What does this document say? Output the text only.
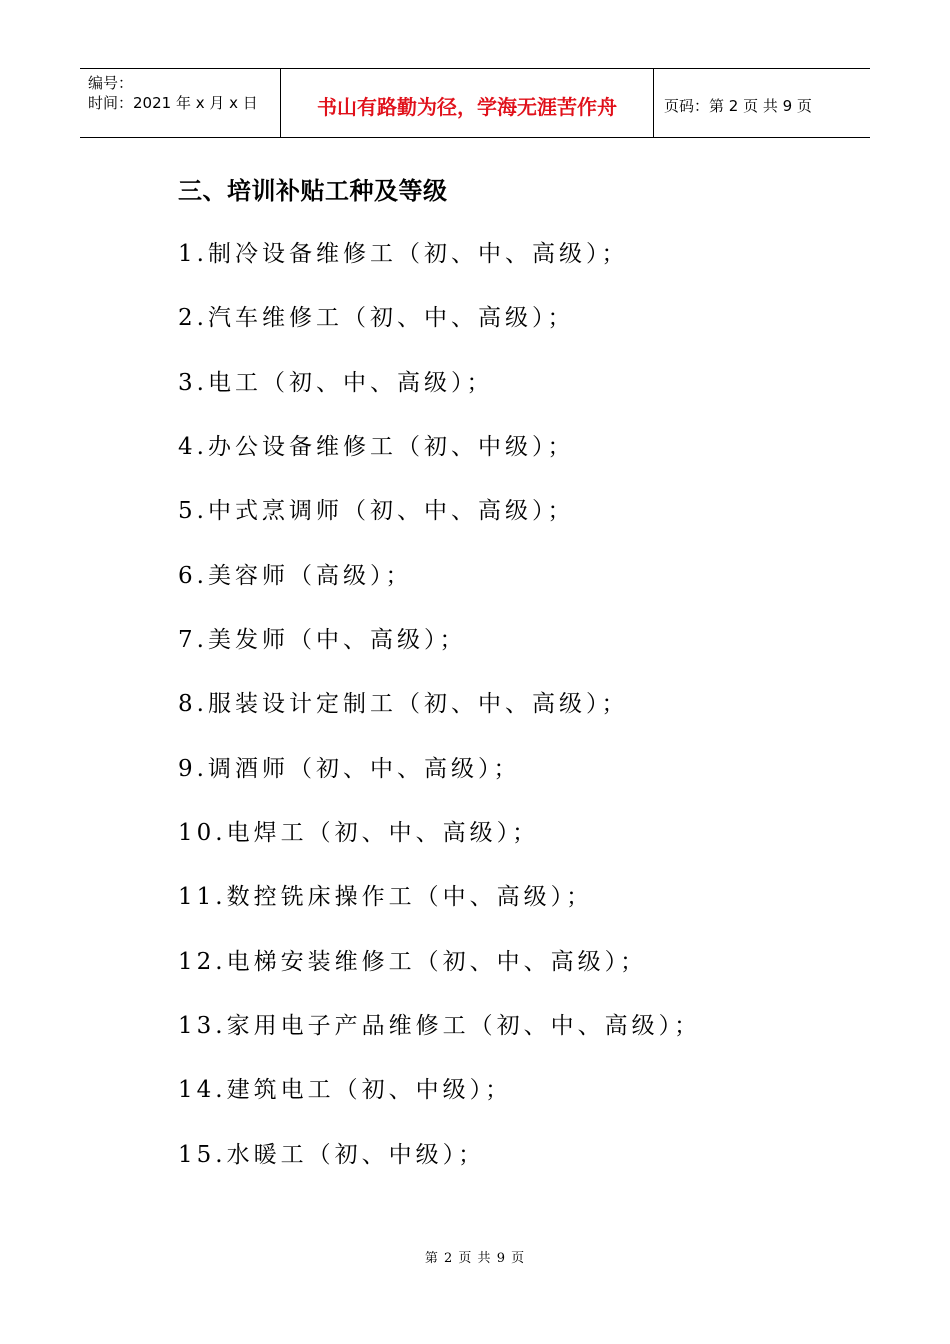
编号：
时间：2021 年 x 月 x 日	书山有路勤为径，学海无涯苦作舟	页码：第 2 页 共 9 页
三、培训补贴工种及等级
1.制冷设备维修工（初、中、高级）；
2.汽车维修工（初、中、高级）；
3.电工（初、中、高级）；
4.办公设备维修工（初、中级）；
5.中式烹调师（初、中、高级）；
6.美容师（高级）；
7.美发师（中、高级）；
8.服装设计定制工（初、中、高级）；
9.调酒师（初、中、高级）；
10.电焊工（初、中、高级）；
11.数控铣床操作工（中、高级）；
12.电梯安装维修工（初、中、高级）；
13.家用电子产品维修工（初、中、高级）；
14.建筑电工（初、中级）；
15.水暖工（初、中级）；
第 2 页 共 9 页
